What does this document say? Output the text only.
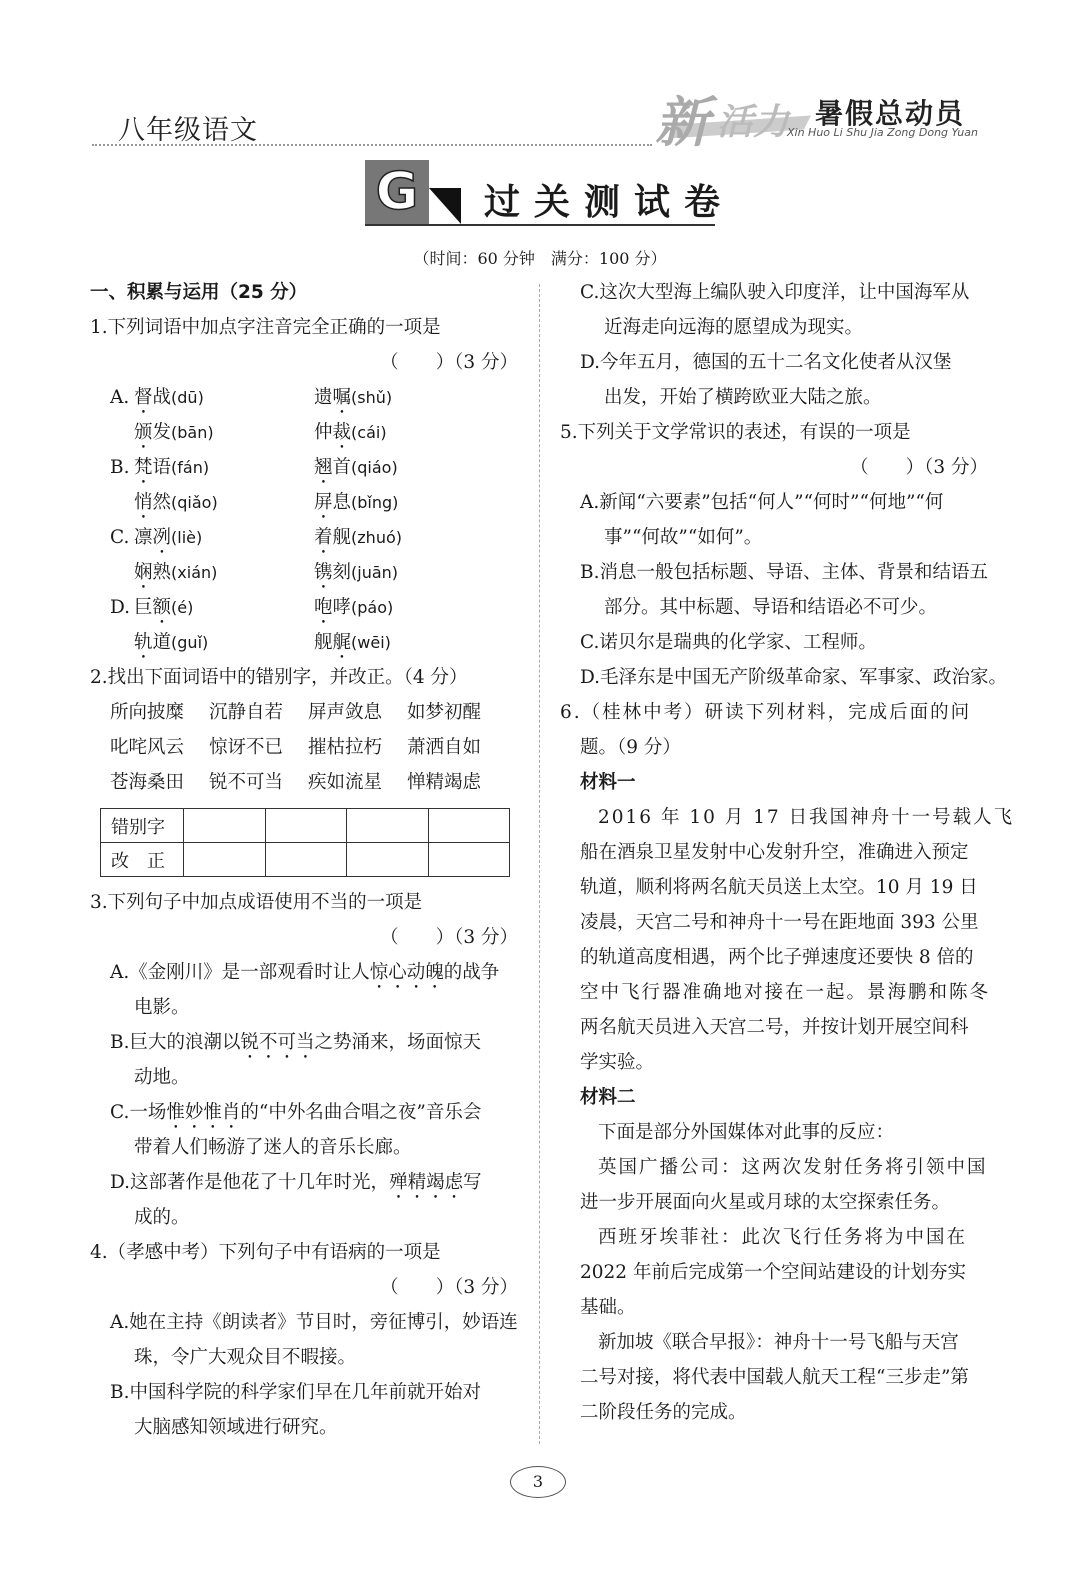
八年级语文	新 活力 暑假总动员
Xin Huo Li Shu Jia Zong Dong Yuan
G 过关测试卷
（时间：60 分钟　满分：100 分）
一、积累与运用（25 分）
1.下列词语中加点字注音完全正确的一项是
（　　）（3 分）
A. 督战(dū)	遗嘱(shǔ)
颁发(bān)	仲裁(cái)
B. 梵语(fán)	翘首(qiáo)
悄然(qiǎo)	屏息(bǐng)
C. 凛冽(liè)	着舰(zhuó)
娴熟(xián)	镌刻(juān)
D. 巨额(é)	咆哮(páo)
轨道(guǐ)	舰艉(wēi)
2.找出下面词语中的错别字，并改正。（4 分）
所向披糜 沉静自若 屏声敛息 如梦初醒
叱咤风云 惊讶不已 摧枯拉朽 萧洒自如
苍海桑田 锐不可当 疾如流星 惮精竭虑
错别字				
改　正				
3.下列句子中加点成语使用不当的一项是
（　　）（3 分）
A.《金刚川》是一部观看时让人惊心动魄的战争
电影。
B.巨大的浪潮以锐不可当之势涌来，场面惊天
动地。
C.一场惟妙惟肖的“中外名曲合唱之夜”音乐会
带着人们畅游了迷人的音乐长廊。
D.这部著作是他花了十几年时光，殚精竭虑写
成的。
4.（孝感中考）下列句子中有语病的一项是
（　　）（3 分）
A.她在主持《朗读者》节目时，旁征博引，妙语连
珠，令广大观众目不暇接。
B.中国科学院的科学家们早在几年前就开始对
大脑感知领域进行研究。
C.这次大型海上编队驶入印度洋，让中国海军从
近海走向远海的愿望成为现实。
D.今年五月，德国的五十二名文化使者从汉堡
出发，开始了横跨欧亚大陆之旅。
5.下列关于文学常识的表述，有误的一项是
（　　）（3 分）
A.新闻“六要素”包括“何人”“何时”“何地”“何
事”“何故”“如何”。
B.消息一般包括标题、导语、主体、背景和结语五
部分。其中标题、导语和结语必不可少。
C.诺贝尔是瑞典的化学家、工程师。
D.毛泽东是中国无产阶级革命家、军事家、政治家。
6.（桂林中考）研读下列材料，完成后面的问
题。（9 分）
材料一
2016 年 10 月 17 日我国神舟十一号载人飞
船在酒泉卫星发射中心发射升空，准确进入预定
轨道，顺利将两名航天员送上太空。10 月 19 日
凌晨，天宫二号和神舟十一号在距地面 393 公里
的轨道高度相遇，两个比子弹速度还要快 8 倍的
空中飞行器准确地对接在一起。景海鹏和陈冬
两名航天员进入天宫二号，并按计划开展空间科
学实验。
材料二
下面是部分外国媒体对此事的反应：
英国广播公司：这两次发射任务将引领中国
进一步开展面向火星或月球的太空探索任务。
西班牙埃菲社：此次飞行任务将为中国在
2022 年前后完成第一个空间站建设的计划夯实
基础。
新加坡《联合早报》：神舟十一号飞船与天宫
二号对接，将代表中国载人航天工程“三步走”第
二阶段任务的完成。
3
